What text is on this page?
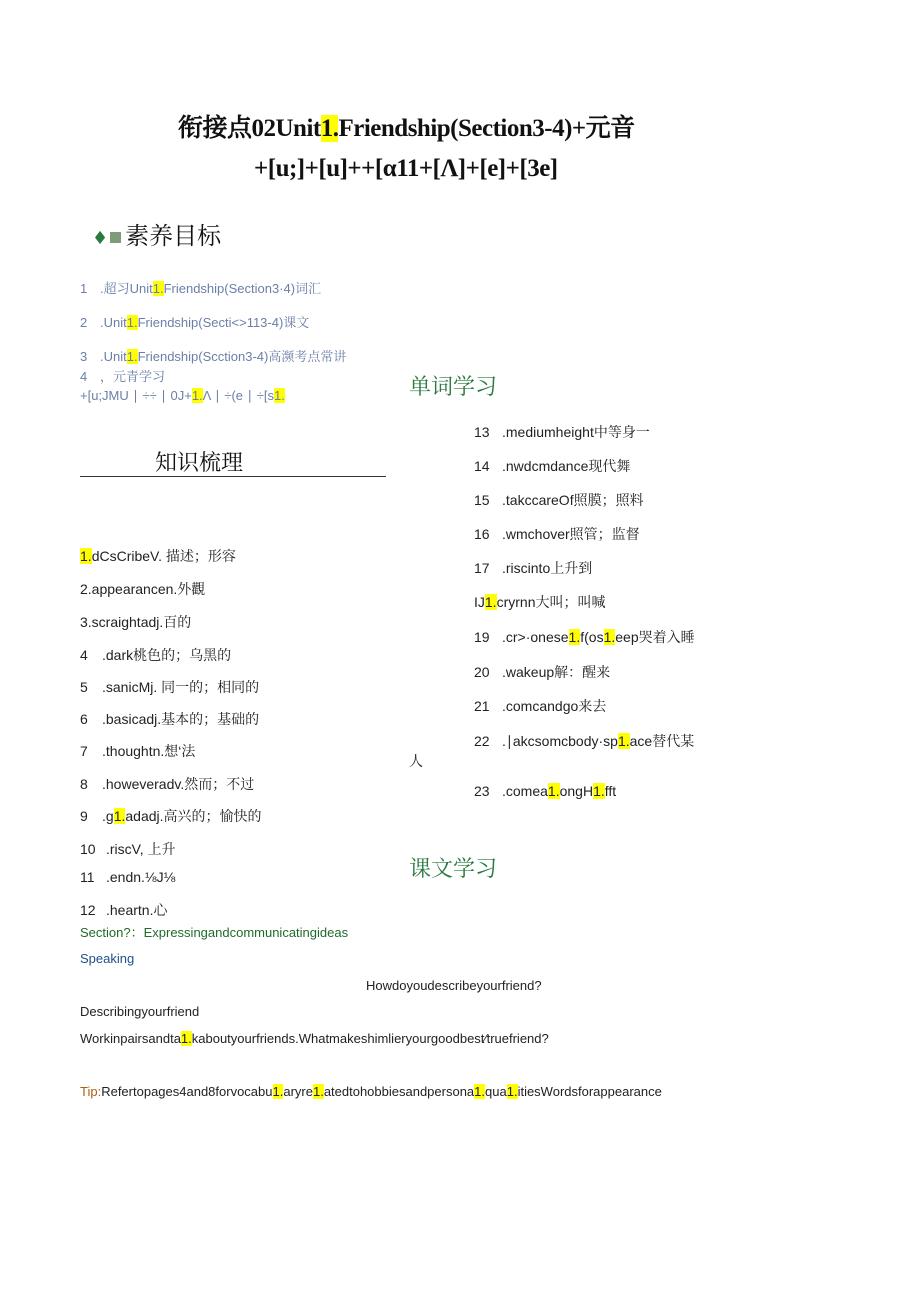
衔接点02Unit1.Friendship(Section3-4)+元音
+[u;]+[u]++[α11+[Λ]+[e]+[3e]
♦ 素养目标
1 .超习Unit1.Friendship(Section3·4)词汇
2 .Unit1.Friendship(Secti<>113-4)课文
3 .Unit1.Friendship(Scction3-4)高濒考点常讲
4 ，元青学习
+[u;JMU ∣ ÷÷ ∣ 0J+1.Λ ∣ ÷(e ∣ ÷[s1.
知识梳理
1.dCsCribeV. 描述；形容
2.appearancen.外觀
3.scraightadj.百的
4 .dark桃色的；乌黑的
5 .sanicMj. 同一的；相同的
6 .basicadj.基本的；基础的
7 .thoughtn.想‘法
8 .howeveradv.然而；不过
9 .g1.adadj.高兴的；愉快的
10 .riscV, 上升
11 .endn.⅛J⅛
12 .heartn.心
单词学习
13 .mediumheight中等身一
14 .nwdcmdance现代舞
15 .takccareOf照膜；照料
16 .wmchover照管；监督
17 .riscinto上升到
IJ1.cryrnn大叫；叫喊
19 .cr>·onese1.f(os1.eep哭着入睡
20 .wakeup解：醒来
21 .comcandgo来去
22 .∣akcsomcbody·sp1.ace替代某
人
23 .comea1.ongH1.fft
课文学习
Section?：Expressingandcommunicatingideas
Speaking
Howdoyoudescribeyourfriend?
Describingyourfriend
Workinpairsandta1.kaboutyourfriends.Whatmakeshimlieryourgoodbest∕truefriend?
Tip:Refertopages4and8forvocabu1.aryre1.atedtohobbiesandpersona1.qua1.itiesWordsforappearance
